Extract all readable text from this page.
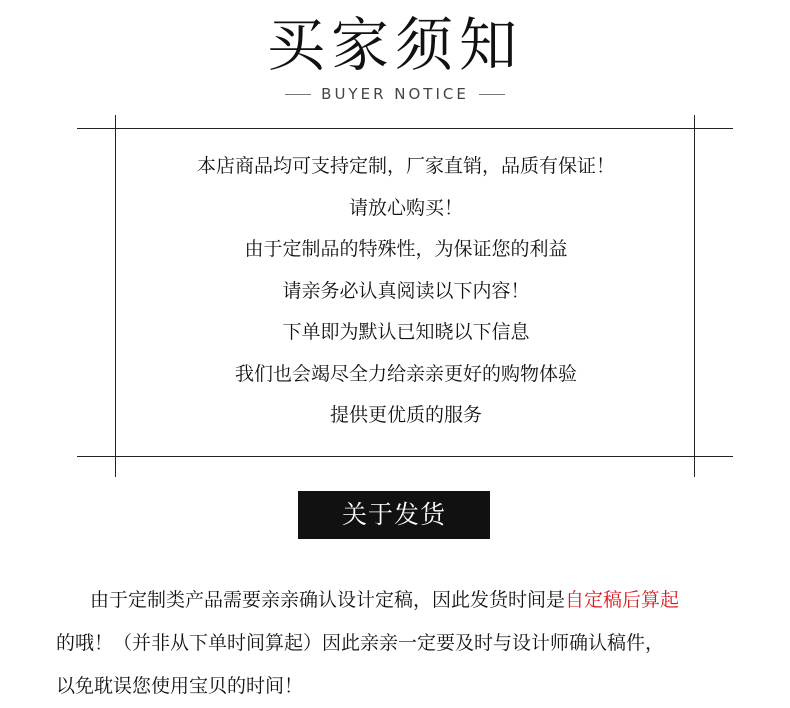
买家须知
BUYER NOTICE
本店商品均可支持定制，厂家直销，品质有保证！
请放心购买！
由于定制品的特殊性，为保证您的利益
请亲务必认真阅读以下内容！
下单即为默认已知晓以下信息
我们也会竭尽全力给亲亲更好的购物体验
提供更优质的服务
关于发货
由于定制类产品需要亲亲确认设计定稿，因此发货时间是自定稿后算起
的哦！（并非从下单时间算起）因此亲亲一定要及时与设计师确认稿件，
以免耽误您使用宝贝的时间！
